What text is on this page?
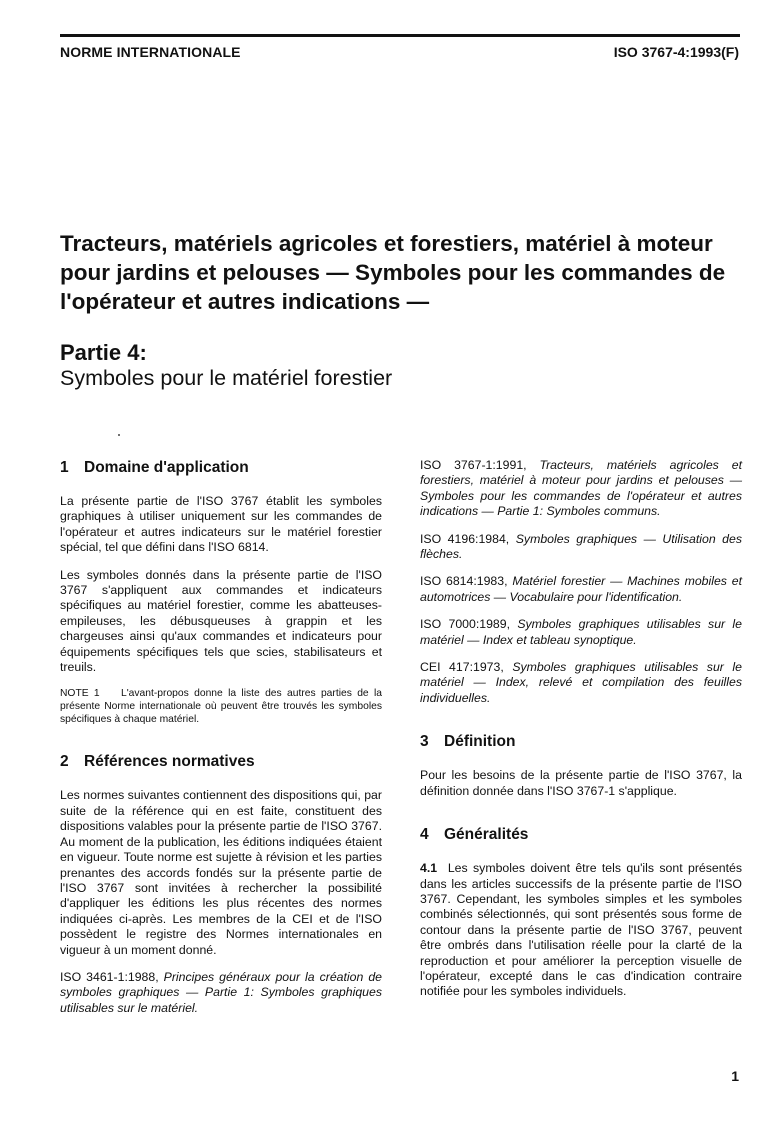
NORME INTERNATIONALE	ISO 3767-4:1993(F)
Tracteurs, matériels agricoles et forestiers, matériel à moteur pour jardins et pelouses — Symboles pour les commandes de l'opérateur et autres indications —
Partie 4:
Symboles pour le matériel forestier
1 Domaine d'application

La présente partie de l'ISO 3767 établit les symboles graphiques à utiliser uniquement sur les commandes de l'opérateur et autres indicateurs sur le matériel forestier spécial, tel que défini dans l'ISO 6814.

Les symboles donnés dans la présente partie de l'ISO 3767 s'appliquent aux commandes et indicateurs spécifiques au matériel forestier, comme les abatteuses-empileuses, les débusqueuses à grappin et les chargeuses ainsi qu'aux commandes et indicateurs pour équipements spécifiques tels que scies, stabilisateurs et treuils.

NOTE 1    L'avant-propos donne la liste des autres parties de la présente Norme internationale où peuvent être trouvés les symboles spécifiques à chaque matériel.

2 Références normatives

Les normes suivantes contiennent des dispositions qui, par suite de la référence qui en est faite, constituent des dispositions valables pour la présente partie de l'ISO 3767. Au moment de la publication, les éditions indiquées étaient en vigueur. Toute norme est sujette à révision et les parties prenantes des accords fondés sur la présente partie de l'ISO 3767 sont invitées à rechercher la possibilité d'appliquer les éditions les plus récentes des normes indiquées ci-après. Les membres de la CEI et de l'ISO possèdent le registre des Normes internationales en vigueur à un moment donné.

ISO 3461-1:1988, Principes généraux pour la création de symboles graphiques — Partie 1: Symboles graphiques utilisables sur le matériel.

ISO 3767-1:1991, Tracteurs, matériels agricoles et forestiers, matériel à moteur pour jardins et pelouses — Symboles pour les commandes de l'opérateur et autres indications — Partie 1: Symboles communs.

ISO 4196:1984, Symboles graphiques — Utilisation des flèches.

ISO 6814:1983, Matériel forestier — Machines mobiles et automotrices — Vocabulaire pour l'identification.

ISO 7000:1989, Symboles graphiques utilisables sur le matériel — Index et tableau synoptique.

CEI 417:1973, Symboles graphiques utilisables sur le matériel — Index, relevé et compilation des feuilles individuelles.

3 Définition

Pour les besoins de la présente partie de l'ISO 3767, la définition donnée dans l'ISO 3767-1 s'applique.

4 Généralités

4.1 Les symboles doivent être tels qu'ils sont présentés dans les articles successifs de la présente partie de l'ISO 3767. Cependant, les symboles simples et les symboles combinés sélectionnés, qui sont présentés sous forme de contour dans la présente partie de l'ISO 3767, peuvent être ombrés dans l'utilisation réelle pour la clarté de la reproduction et pour améliorer la perception visuelle de l'opérateur, excepté dans le cas d'indication contraire notifiée pour les symboles individuels.

1
